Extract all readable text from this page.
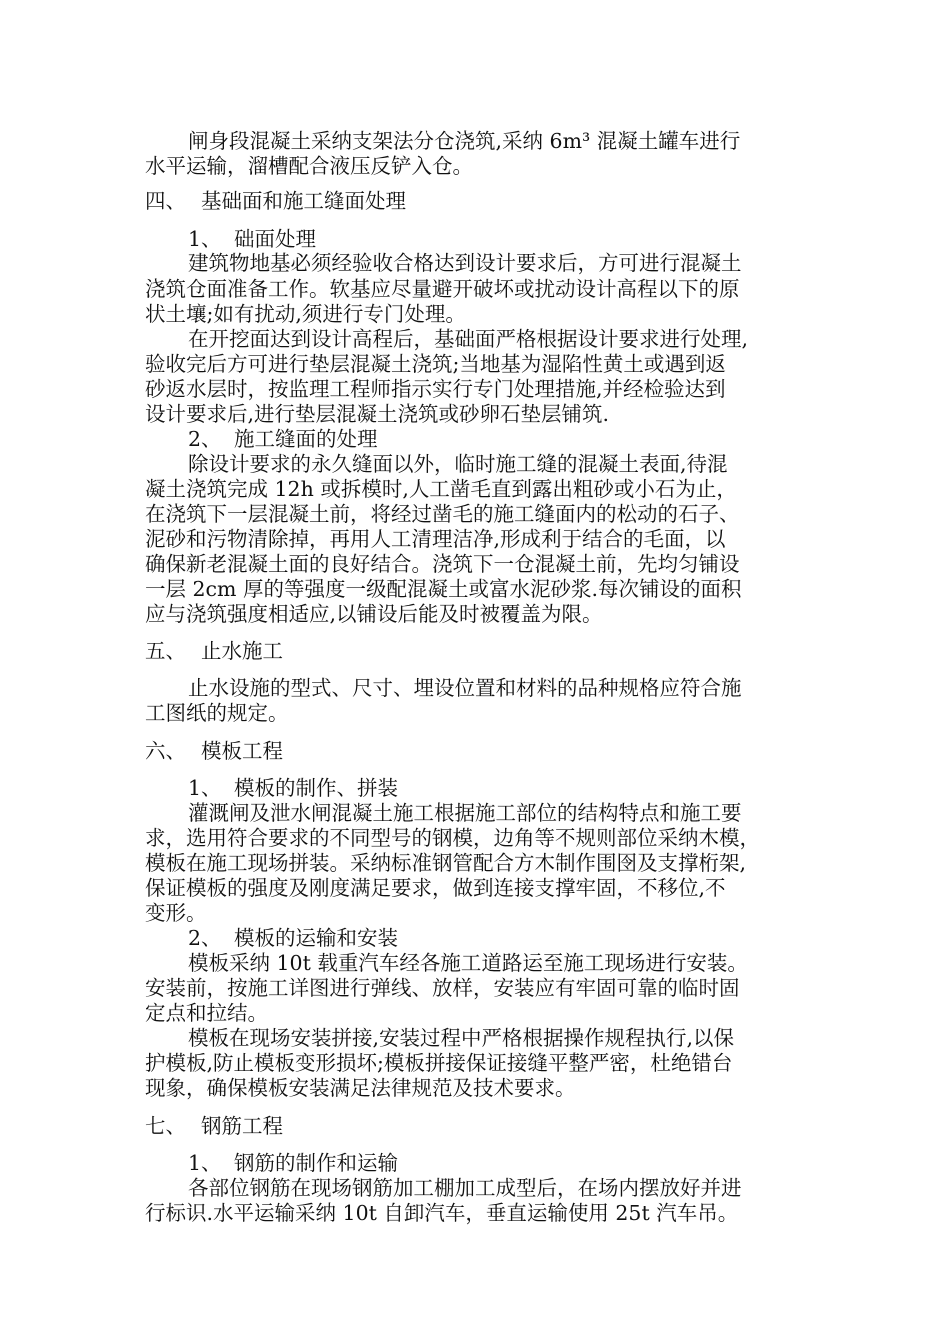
闸身段混凝土采纳支架法分仓浇筑,采纳 6m³ 混凝土罐车进行
水平运输，溜槽配合液压反铲入仓。
四、 基础面和施工缝面处理
1、 础面处理
建筑物地基必须经验收合格达到设计要求后，方可进行混凝土
浇筑仓面准备工作。软基应尽量避开破坏或扰动设计高程以下的原
状土壤;如有扰动,须进行专门处理。
在开挖面达到设计高程后，基础面严格根据设计要求进行处理,
验收完后方可进行垫层混凝土浇筑;当地基为湿陷性黄土或遇到返
砂返水层时，按监理工程师指示实行专门处理措施,并经检验达到
设计要求后,进行垫层混凝土浇筑或砂卵石垫层铺筑.
2、 施工缝面的处理
除设计要求的永久缝面以外，临时施工缝的混凝土表面,待混
凝土浇筑完成 12h 或拆模时,人工凿毛直到露出粗砂或小石为止，
在浇筑下一层混凝土前，将经过凿毛的施工缝面内的松动的石子、
泥砂和污物清除掉，再用人工清理洁净,形成利于结合的毛面，以
确保新老混凝土面的良好结合。浇筑下一仓混凝土前，先均匀铺设
一层 2cm 厚的等强度一级配混凝土或富水泥砂浆.每次铺设的面积
应与浇筑强度相适应,以铺设后能及时被覆盖为限。
五、 止水施工
止水设施的型式、尺寸、埋设位置和材料的品种规格应符合施
工图纸的规定。
六、 模板工程
1、 模板的制作、拼装
灌溉闸及泄水闸混凝土施工根据施工部位的结构特点和施工要
求，选用符合要求的不同型号的钢模，边角等不规则部位采纳木模，
模板在施工现场拼装。采纳标准钢管配合方木制作围囹及支撑桁架,
保证模板的强度及刚度满足要求，做到连接支撑牢固，不移位,不
变形。
2、 模板的运输和安装
模板采纳 10t 载重汽车经各施工道路运至施工现场进行安装。
安装前，按施工详图进行弹线、放样，安装应有牢固可靠的临时固
定点和拉结。
模板在现场安装拼接,安装过程中严格根据操作规程执行,以保
护模板,防止模板变形损坏;模板拼接保证接缝平整严密，杜绝错台
现象，确保模板安装满足法律规范及技术要求。
七、 钢筋工程
1、 钢筋的制作和运输
各部位钢筋在现场钢筋加工棚加工成型后，在场内摆放好并进
行标识.水平运输采纳 10t 自卸汽车，垂直运输使用 25t 汽车吊。
